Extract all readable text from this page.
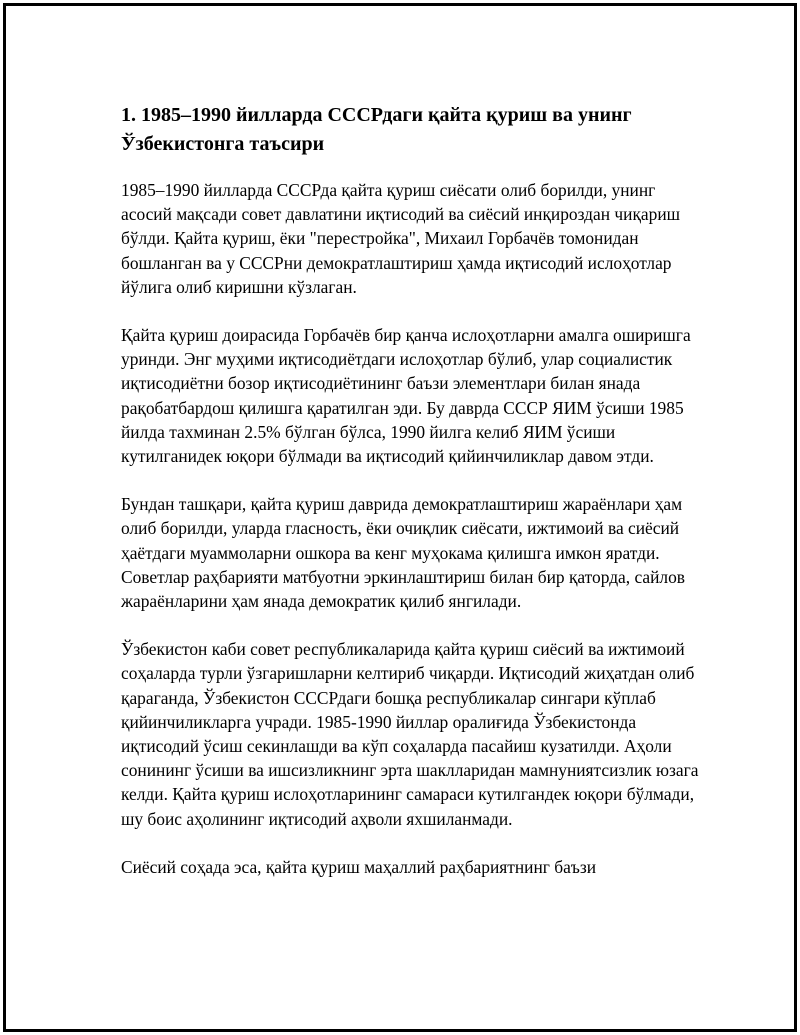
1. 1985–1990 йилларда СССРдаги қайта қуриш ва унинг Ўзбекистонга таъсири
1985–1990 йилларда СССРда қайта қуриш сиёсати олиб борилди, унинг асосий мақсади совет давлатини иқтисодий ва сиёсий инқироздан чиқариш бўлди. Қайта қуриш, ёки "перестройка", Михаил Горбачёв томонидан бошланган ва у СССРни демократлаштириш ҳамда иқтисодий ислоҳотлар йўлига олиб киришни кўзлаган.
Қайта қуриш доирасида Горбачёв бир қанча ислоҳотларни амалга оширишга уринди. Энг муҳими иқтисодиётдаги ислоҳотлар бўлиб, улар социалистик иқтисодиётни бозор иқтисодиётининг баъзи элементлари билан янада рақобатбардош қилишга қаратилган эди. Бу даврда СССР ЯИМ ўсиши 1985 йилда тахминан 2.5% бўлган бўлса, 1990 йилга келиб ЯИМ ўсиши кутилганидек юқори бўлмади ва иқтисодий қийинчиликлар давом этди.
Бундан ташқари, қайта қуриш даврида демократлаштириш жараёнлари ҳам олиб борилди, уларда гласность, ёки очиқлик сиёсати, ижтимоий ва сиёсий ҳаётдаги муаммоларни ошкора ва кенг муҳокама қилишга имкон яратди. Советлар раҳбарияти матбуотни эркинлаштириш билан бир қаторда, сайлов жараёнларини ҳам янада демократик қилиб янгилади.
Ўзбекистон каби совет республикаларида қайта қуриш сиёсий ва ижтимоий соҳаларда турли ўзгаришларни келтириб чиқарди. Иқтисодий жиҳатдан олиб қараганда, Ўзбекистон СССРдаги бошқа республикалар сингари кўплаб қийинчиликларга учради. 1985-1990 йиллар оралиғида Ўзбекистонда иқтисодий ўсиш секинлашди ва кўп соҳаларда пасайиш кузатилди. Аҳоли сонининг ўсиши ва ишсизликнинг эрта шаклларидан мамнуниятсизлик юзага келди. Қайта қуриш ислоҳотларининг самараси кутилгандек юқори бўлмади, шу боис аҳолининг иқтисодий аҳволи яхшиланмади.
Сиёсий соҳада эса, қайта қуриш маҳаллий раҳбариятнинг баъзи
